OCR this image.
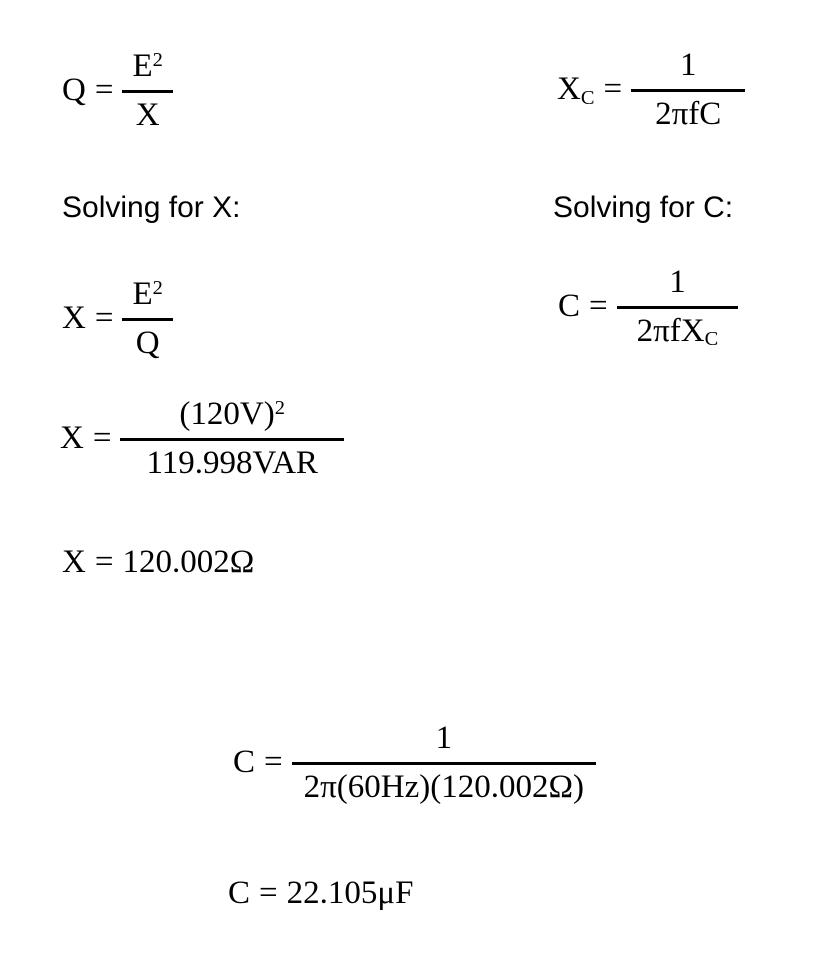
$Q = \frac{E^2}{X}$	$X_C = \frac{1}{\text{2πfC}}$
Solving for X:	Solving for C:
$X = \frac{E^2}{Q}$	$C = \frac{1}{2\pi fX_C}$
$X = \frac{(120V)^2}{\text{119.998VAR}}$
X = 120.002Ω
$C = \frac{1}{2\pi(60Hz)(120.002\Omega)}$
C = 22.105μF
